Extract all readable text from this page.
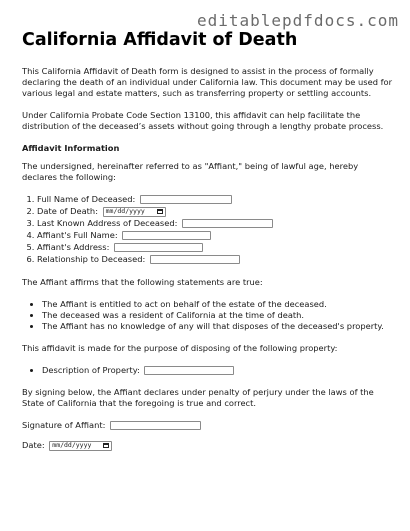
editablepdfdocs.com
California Affidavit of Death

This California Affidavit of Death form is designed to assist in the process of formally declaring the death of an individual under California law. This document may be used for various legal and estate matters, such as transferring property or settling accounts.

Under California Probate Code Section 13100, this affidavit can help facilitate the distribution of the deceased’s assets without going through a lengthy probate process.

Affidavit Information

The undersigned, hereinafter referred to as "Affiant," being of lawful age, hereby declares the following:

1. Full Name of Deceased:
2. Date of Death: mm/dd/yyyy
3. Last Known Address of Deceased:
4. Affiant's Full Name:
5. Affiant's Address:
6. Relationship to Deceased:

The Affiant affirms that the following statements are true:

• The Affiant is entitled to act on behalf of the estate of the deceased.
• The deceased was a resident of California at the time of death.
• The Affiant has no knowledge of any will that disposes of the deceased's property.

This affidavit is made for the purpose of disposing of the following property:

• Description of Property:

By signing below, the Affiant declares under penalty of perjury under the laws of the State of California that the foregoing is true and correct.

Signature of Affiant:
Date: mm/dd/yyyy
